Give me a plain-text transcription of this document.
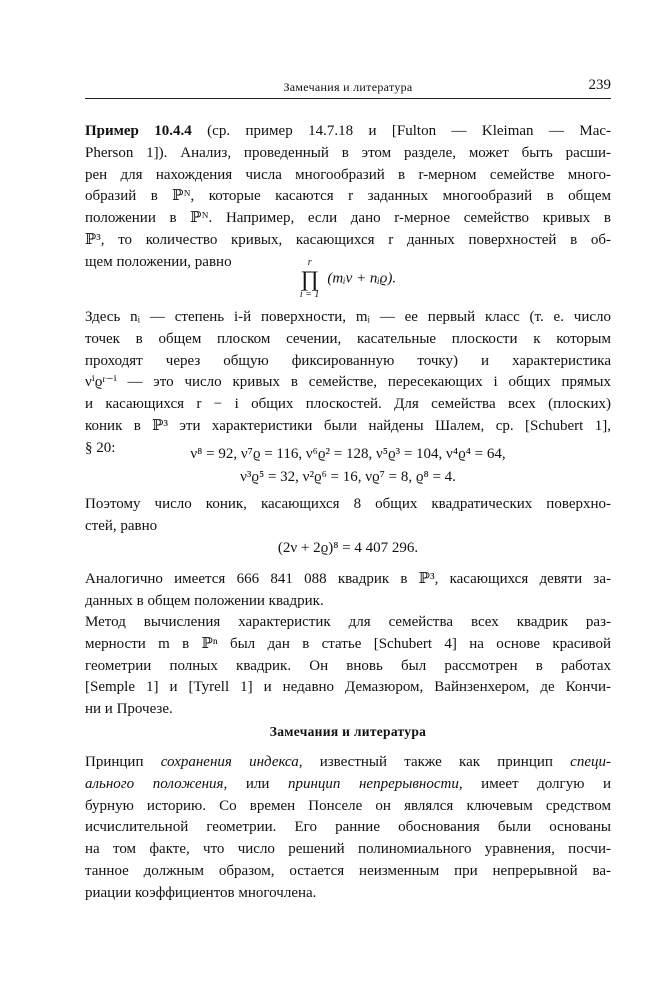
Замечания и литература	239
Пример 10.4.4 (ср. пример 14.7.18 и [Fulton — Kleiman — Mac-
Pherson 1]). Анализ, проведенный в этом разделе, может быть расши-
рен для нахождения числа многообразий в r-мерном семействе много-
образий в ℙᴺ, которые касаются r заданных многообразий в общем
положении в ℙᴺ. Например, если дано r-мерное семейство кривых в
ℙ³, то количество кривых, касающихся r данных поверхностей в об-
щем положении, равно	r
∏
i = 1
(mᵢν + nᵢϱ).
Здесь nᵢ — степень i-й поверхности, mᵢ — ее первый класс (т. е. число
точек в общем плоском сечении, касательные плоскости к которым
проходят через общую фиксированную точку) и характеристика
νⁱϱʳ⁻ⁱ — это число кривых в семействе, пересекающих i общих прямых
и касающихся r − i общих плоскостей. Для семейства всех (плоских)
коник в ℙ³ эти характеристики были найдены Шалем, ср. [Schubert 1],
§ 20:	ν⁸ = 92, ν⁷ϱ = 116, ν⁶ϱ² = 128, ν⁵ϱ³ = 104, ν⁴ϱ⁴ = 64,
ν³ϱ⁵ = 32, ν²ϱ⁶ = 16, νϱ⁷ = 8, ϱ⁸ = 4.
Поэтому число коник, касающихся 8 общих квадратических поверхно-
стей, равно
(2ν + 2ϱ)⁸ = 4 407 296.
Аналогично имеется 666 841 088 квадрик в ℙ³, касающихся девяти за-
данных в общем положении квадрик.
Метод вычисления характеристик для семейства всех квадрик раз-
мерности m в ℙⁿ был дан в статье [Schubert 4] на основе красивой
геометрии полных квадрик. Он вновь был рассмотрен в работах
[Semple 1] и [Tyrell 1] и недавно Демазюром, Вайнзенхером, де Кончи-
ни и Прочезе.
Замечания и литература
Принцип сохранения индекса, известный также как принцип специ-
ального положения, или принцип непрерывности, имеет долгую и
бурную историю. Со времен Понселе он являлся ключевым средством
исчислительной геометрии. Его ранние обоснования были основаны
на том факте, что число решений полиномиального уравнения, посчи-
танное должным образом, остается неизменным при непрерывной ва-
риации коэффициентов многочлена.
